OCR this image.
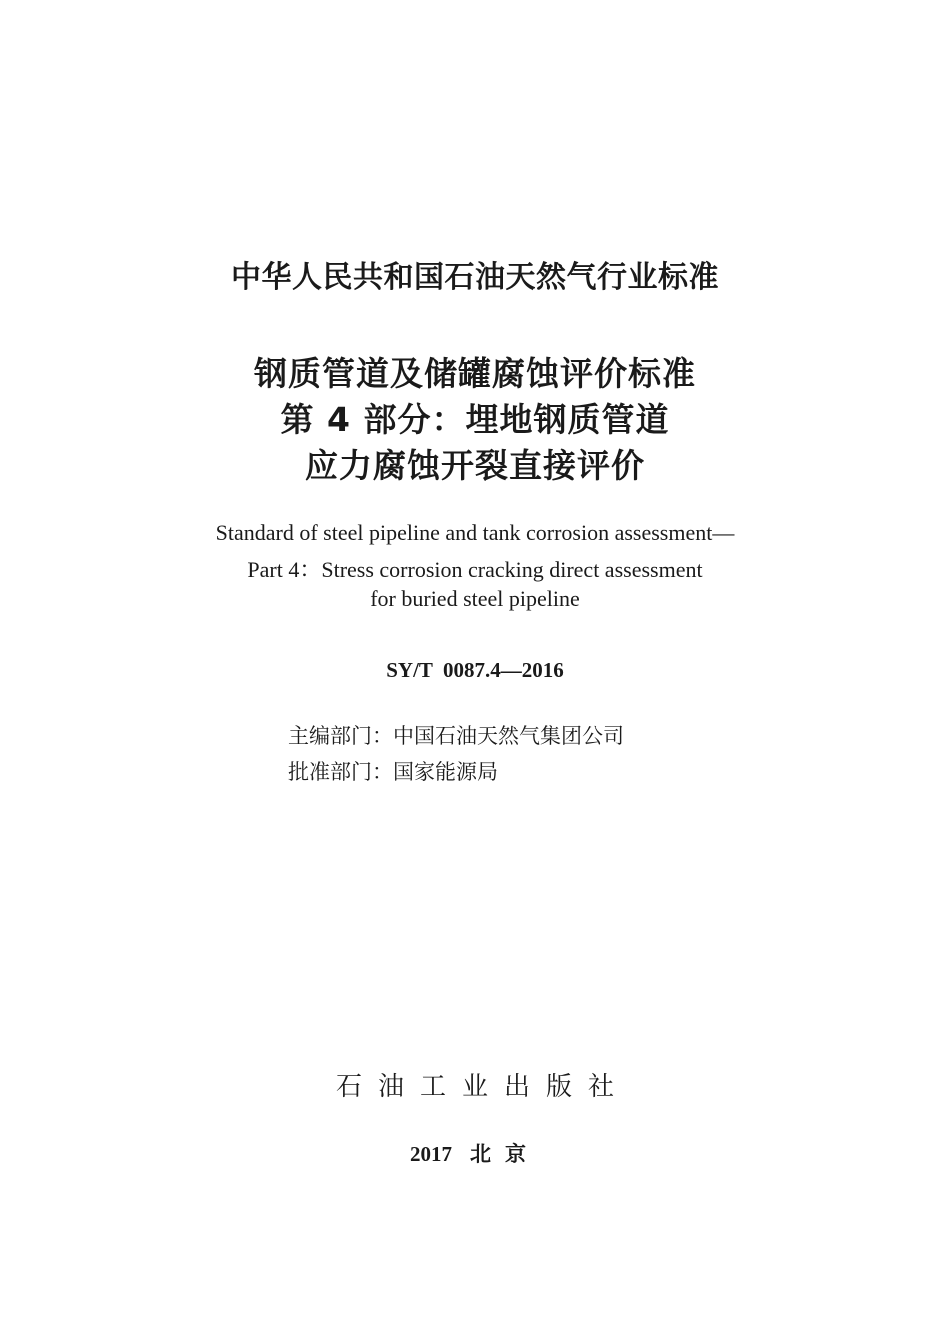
中华人民共和国石油天然气行业标准
钢质管道及储罐腐蚀评价标准
第 4 部分：埋地钢质管道
应力腐蚀开裂直接评价
Standard of steel pipeline and tank corrosion assessment—
Part 4：Stress corrosion cracking direct assessment
for buried steel pipeline
SY/T  0087.4—2016
主编部门：中国石油天然气集团公司
批准部门：国家能源局
石油工业出版社
2017 北京
